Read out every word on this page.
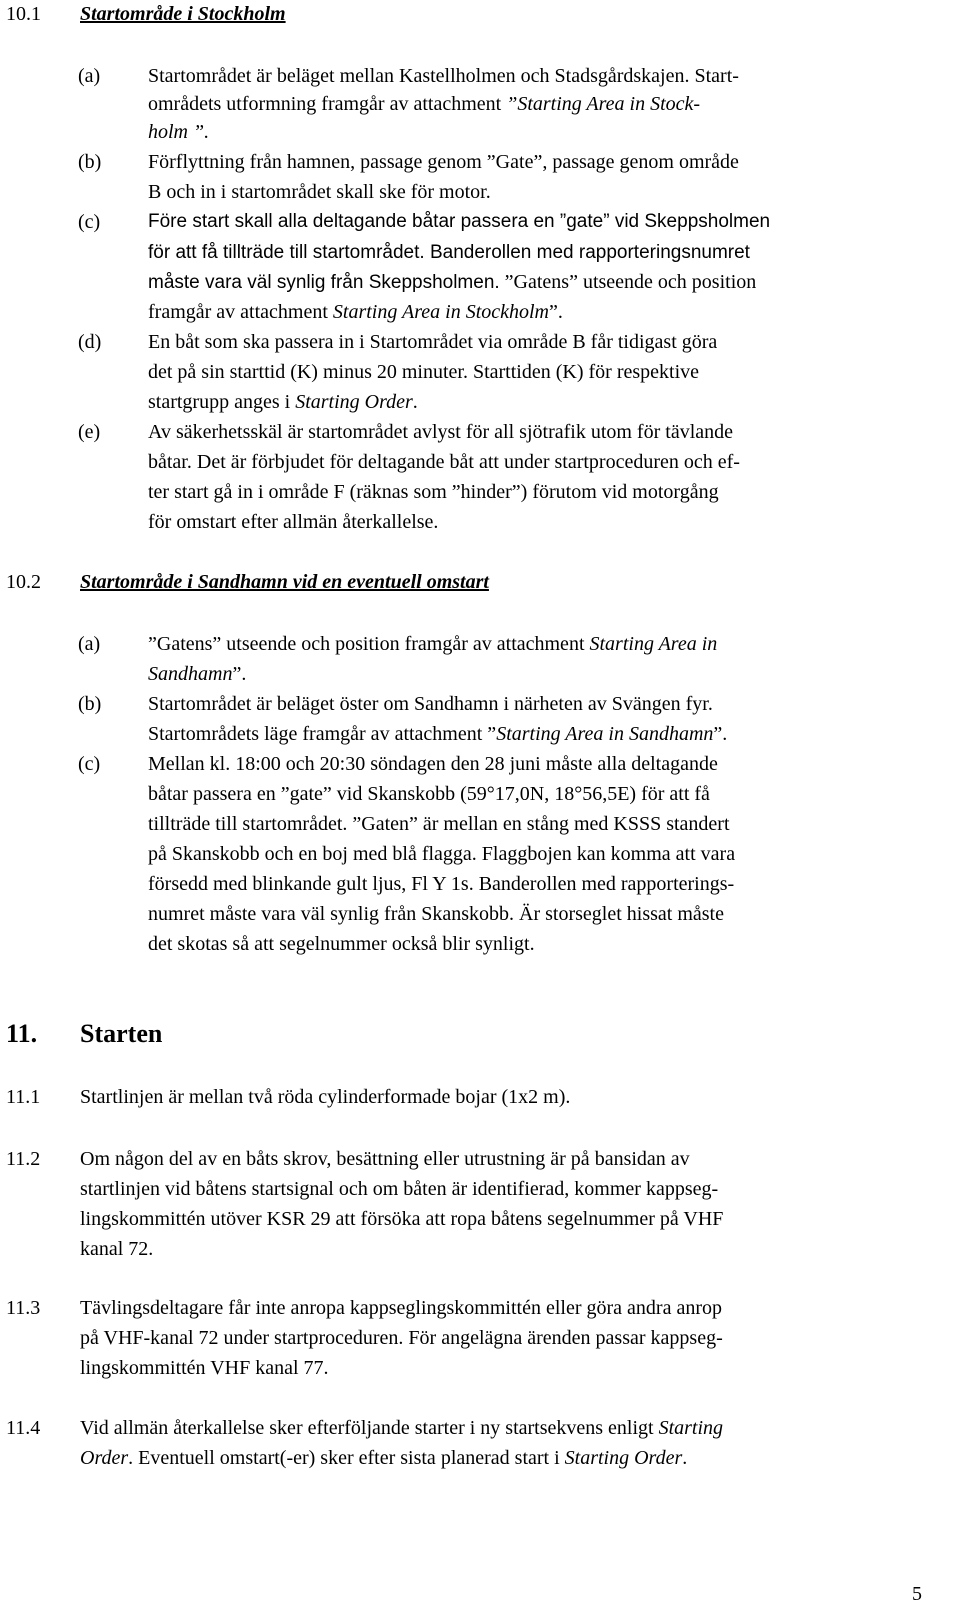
10.1 Startområde i Stockholm
(a) Startområdet är beläget mellan Kastellholmen och Stadsgårdskajen. Start-
områdets utformning framgår av attachment ”Starting Area in Stock-
holm ”.
(b) Förflyttning från hamnen, passage genom ”Gate”, passage genom område
B och in i startområdet skall ske för motor.
(c)	Före start skall alla deltagande båtar passera en ”gate” vid Skeppsholmen
för att få tillträde till startområdet. Banderollen med rapporteringsnumret
måste vara väl synlig från Skeppsholmen. ”Gatens” utseende och position
framgår av attachment Starting Area in Stockholm”.
(d) En båt som ska passera in i Startområdet via område B får tidigast göra
det på sin starttid (K) minus 20 minuter. Starttiden (K) för respektive
startgrupp anges i Starting Order.
(e) Av säkerhetsskäl är startområdet avlyst för all sjötrafik utom för tävlande
båtar. Det är förbjudet för deltagande båt att under startproceduren och ef-
ter start gå in i område F (räknas som ”hinder”) förutom vid motorgång
för omstart efter allmän återkallelse.
10.2 Startområde i Sandhamn vid en eventuell omstart
(a) ”Gatens” utseende och position framgår av attachment Starting Area in
Sandhamn”.
(b) Startområdet är beläget öster om Sandhamn i närheten av Svängen fyr.
Startområdets läge framgår av attachment ”Starting Area in Sandhamn”.
(c) Mellan kl. 18:00 och 20:30 söndagen den 28 juni måste alla deltagande
båtar passera en ”gate” vid Skanskobb (59°17,0N, 18°56,5E) för att få
tillträde till startområdet. ”Gaten” är mellan en stång med KSSS standert
på Skanskobb och en boj med blå flagga. Flaggbojen kan komma att vara
försedd med blinkande gult ljus, Fl Y 1s. Banderollen med rapporterings-
numret måste vara väl synlig från Skanskobb. Är storseglet hissat måste
det skotas så att segelnummer också blir synligt.
11. Starten
11.1 Startlinjen är mellan två röda cylinderformade bojar (1x2 m).
11.2 Om någon del av en båts skrov, besättning eller utrustning är på bansidan av
startlinjen vid båtens startsignal och om båten är identifierad, kommer kappseg-
lingskommittén utöver KSR 29 att försöka att ropa båtens segelnummer på VHF
kanal 72.
11.3 Tävlingsdeltagare får inte anropa kappseglingskommittén eller göra andra anrop
på VHF-kanal 72 under startproceduren. För angelägna ärenden passar kappseg-
lingskommittén VHF kanal 77.
11.4 Vid allmän återkallelse sker efterföljande starter i ny startsekvens enligt Starting
Order. Eventuell omstart(-er) sker efter sista planerad start i Starting Order.
5
